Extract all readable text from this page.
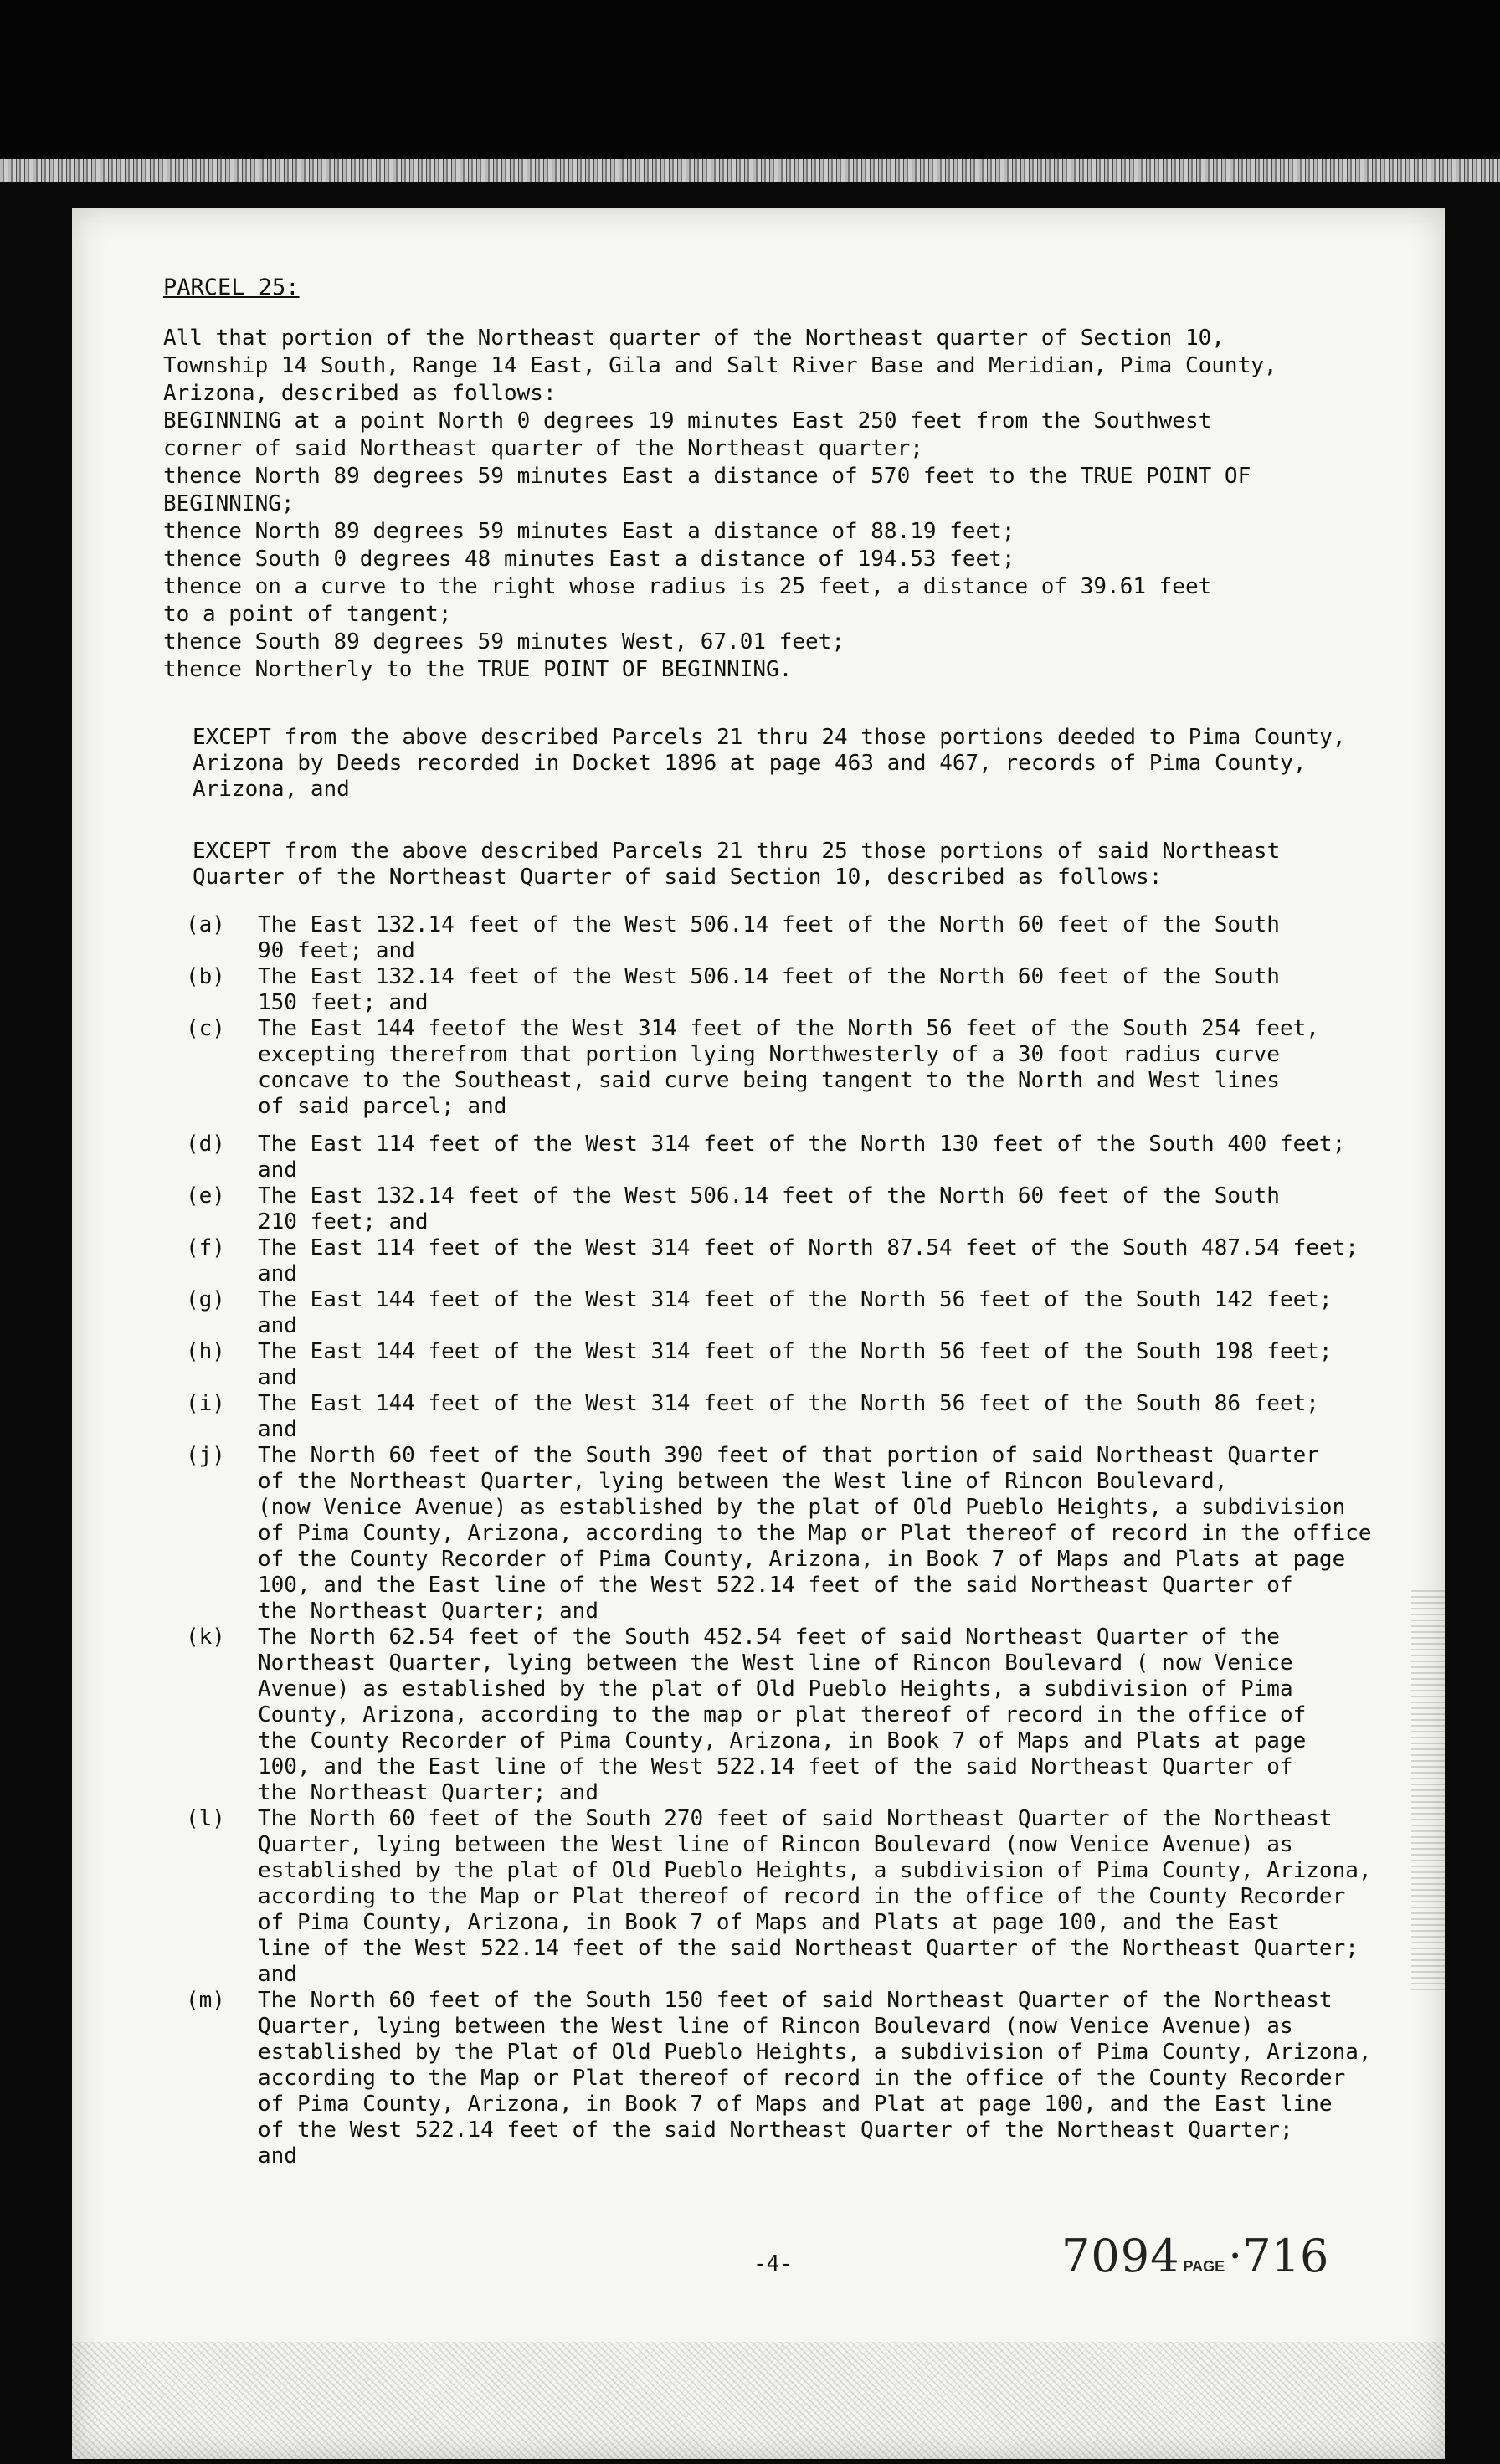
PARCEL 25:
All that portion of the Northeast quarter of the Northeast quarter of Section 10,
Township 14 South, Range 14 East, Gila and Salt River Base and Meridian, Pima County,
Arizona, described as follows:
BEGINNING at a point North 0 degrees 19 minutes East 250 feet from the Southwest
corner of said Northeast quarter of the Northeast quarter;
thence North 89 degrees 59 minutes East a distance of 570 feet to the TRUE POINT OF
BEGINNING;
thence North 89 degrees 59 minutes East a distance of 88.19 feet;
thence South 0 degrees 48 minutes East a distance of 194.53 feet;
thence on a curve to the right whose radius is 25 feet, a distance of 39.61 feet
to a point of tangent;
thence South 89 degrees 59 minutes West, 67.01 feet;
thence Northerly to the TRUE POINT OF BEGINNING.
EXCEPT from the above described Parcels 21 thru 24 those portions deeded to Pima County,
Arizona by Deeds recorded in Docket 1896 at page 463 and 467, records of Pima County,
Arizona, and
EXCEPT from the above described Parcels 21 thru 25 those portions of said Northeast
Quarter of the Northeast Quarter of said Section 10, described as follows:
(a)	The East 132.14 feet of the West 506.14 feet of the North 60 feet of the South
90 feet; and
(b)	The East 132.14 feet of the West 506.14 feet of the North 60 feet of the South
150 feet; and
(c)	The East 144 feetof the West 314 feet of the North 56 feet of the South 254 feet,
excepting therefrom that portion lying Northwesterly of a 30 foot radius curve
concave to the Southeast, said curve being tangent to the North and West lines
of said parcel; and
(d)	The East 114 feet of the West 314 feet of the North 130 feet of the South 400 feet;
and
(e)	The East 132.14 feet of the West 506.14 feet of the North 60 feet of the South
210 feet; and
(f)	The East 114 feet of the West 314 feet of North 87.54 feet of the South 487.54 feet;
and
(g)	The East 144 feet of the West 314 feet of the North 56 feet of the South 142 feet;
and
(h)	The East 144 feet of the West 314 feet of the North 56 feet of the South 198 feet;
and
(i)	The East 144 feet of the West 314 feet of the North 56 feet of the South 86 feet;
and
(j)	The North 60 feet of the South 390 feet of that portion of said Northeast Quarter
of the Northeast Quarter, lying between the West line of Rincon Boulevard,
(now Venice Avenue) as established by the plat of Old Pueblo Heights, a subdivision
of Pima County, Arizona, according to the Map or Plat thereof of record in the office
of the County Recorder of Pima County, Arizona, in Book 7 of Maps and Plats at page
100, and the East line of the West 522.14 feet of the said Northeast Quarter of
the Northeast Quarter; and
(k)	The North 62.54 feet of the South 452.54 feet of said Northeast Quarter of the
Northeast Quarter, lying between the West line of Rincon Boulevard ( now Venice
Avenue) as established by the plat of Old Pueblo Heights, a subdivision of Pima
County, Arizona, according to the map or plat thereof of record in the office of
the County Recorder of Pima County, Arizona, in Book 7 of Maps and Plats at page
100, and the East line of the West 522.14 feet of the said Northeast Quarter of
the Northeast Quarter; and
(l)	The North 60 feet of the South 270 feet of said Northeast Quarter of the Northeast
Quarter, lying between the West line of Rincon Boulevard (now Venice Avenue) as
established by the plat of Old Pueblo Heights, a subdivision of Pima County, Arizona,
according to the Map or Plat thereof of record in the office of the County Recorder
of Pima County, Arizona, in Book 7 of Maps and Plats at page 100, and the East
line of the West 522.14 feet of the said Northeast Quarter of the Northeast Quarter;
and
(m)	The North 60 feet of the South 150 feet of said Northeast Quarter of the Northeast
Quarter, lying between the West line of Rincon Boulevard (now Venice Avenue) as
established by the Plat of Old Pueblo Heights, a subdivision of Pima County, Arizona,
according to the Map or Plat thereof of record in the office of the County Recorder
of Pima County, Arizona, in Book 7 of Maps and Plat at page 100, and the East line
of the West 522.14 feet of the said Northeast Quarter of the Northeast Quarter;
and
-4-	7094 PAGE·716
